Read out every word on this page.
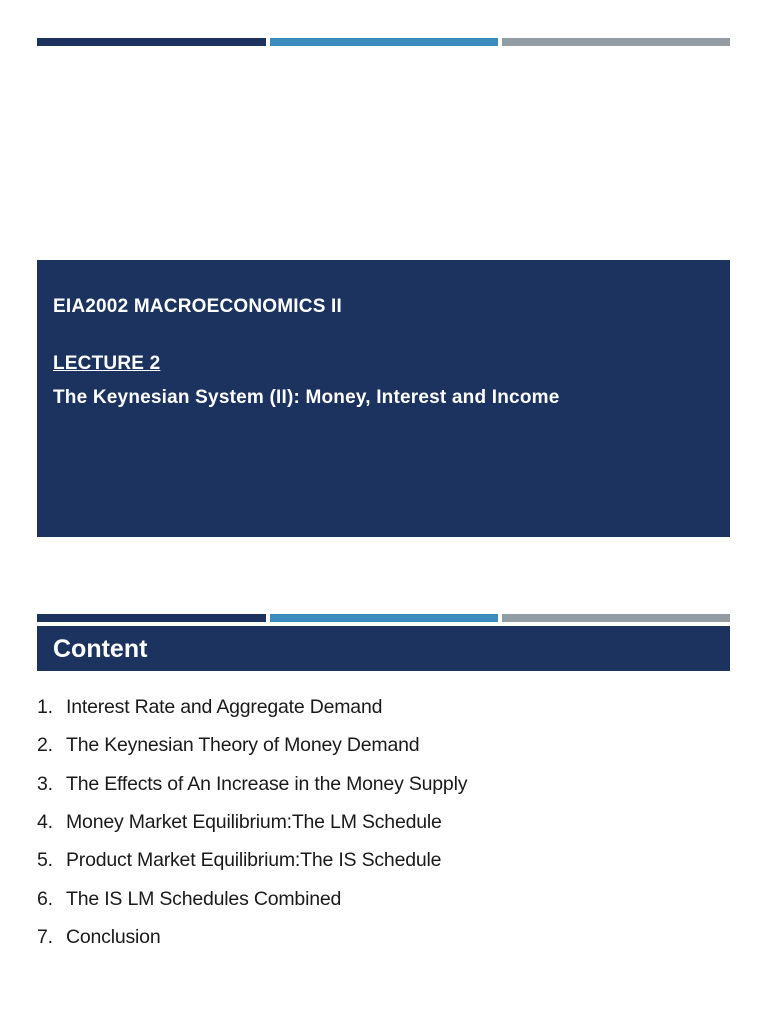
EIA2002 MACROECONOMICS II
LECTURE 2
The Keynesian System (II): Money, Interest and Income
Content
1. Interest Rate and Aggregate Demand
2. The Keynesian Theory of Money Demand
3. The Effects of An Increase in the Money Supply
4. Money Market Equilibrium:The LM Schedule
5. Product Market Equilibrium:The IS Schedule
6. The IS LM Schedules Combined
7. Conclusion
